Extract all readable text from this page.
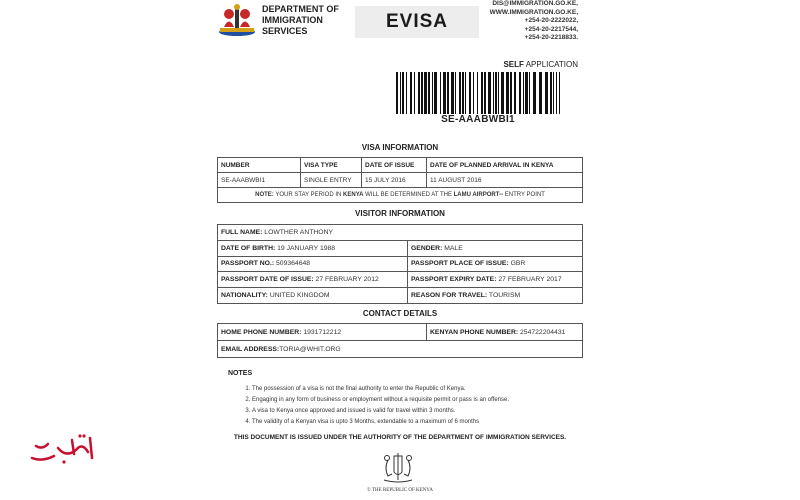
DEPARTMENT OF
IMMIGRATION
SERVICES	EVISA
DIS@IMMIGRATION.GO.KE,
WWW.IMMIGRATION.GO.KE,
+254-20-2222022,
+254-20-2217544,
+254-20-2218833.
SELF APPLICATION
SE-AAABWBI1
VISA INFORMATION
NUMBER	VISA TYPE	DATE OF ISSUE	DATE OF PLANNED ARRIVAL IN KENYA
SE-AAABWBI1	SINGLE ENTRY	15 JULY 2016	11 AUGUST 2016
NOTE: YOUR STAY PERIOD IN KENYA WILL BE DETERMINED AT THE LAMU AIRPORT-- ENTRY POINT			
VISITOR INFORMATION
FULL NAME: LOWTHER ANTHONY	
DATE OF BIRTH: 19 JANUARY 1988	GENDER: MALE
PASSPORT NO.: 509364648	PASSPORT PLACE OF ISSUE: GBR
PASSPORT DATE OF ISSUE: 27 FEBRUARY 2012	PASSPORT EXPIRY DATE: 27 FEBRUARY 2017
NATIONALITY: UNITED KINGDOM	REASON FOR TRAVEL: TOURISM
CONTACT DETAILS
HOME PHONE NUMBER: 1931712212	KENYAN PHONE NUMBER: 254722204431
EMAIL ADDRESS:TORIA@WHIT.ORG
NOTES
1. The possession of a visa is not the final authority to enter the Republic of Kenya.
2. Engaging in any form of business or employment without a requisite permit or pass is an offense.
3. A visa to Kenya once approved and issued is valid for travel within 3 months.
4. The validity of a Kenyan visa is upto 3 Months, extendable to a maximum of 6 months
THIS DOCUMENT IS ISSUED UNDER THE AUTHORITY OF THE DEPARTMENT OF IMMIGRATION SERVICES.
© THE REPUBLIC OF KENYA
